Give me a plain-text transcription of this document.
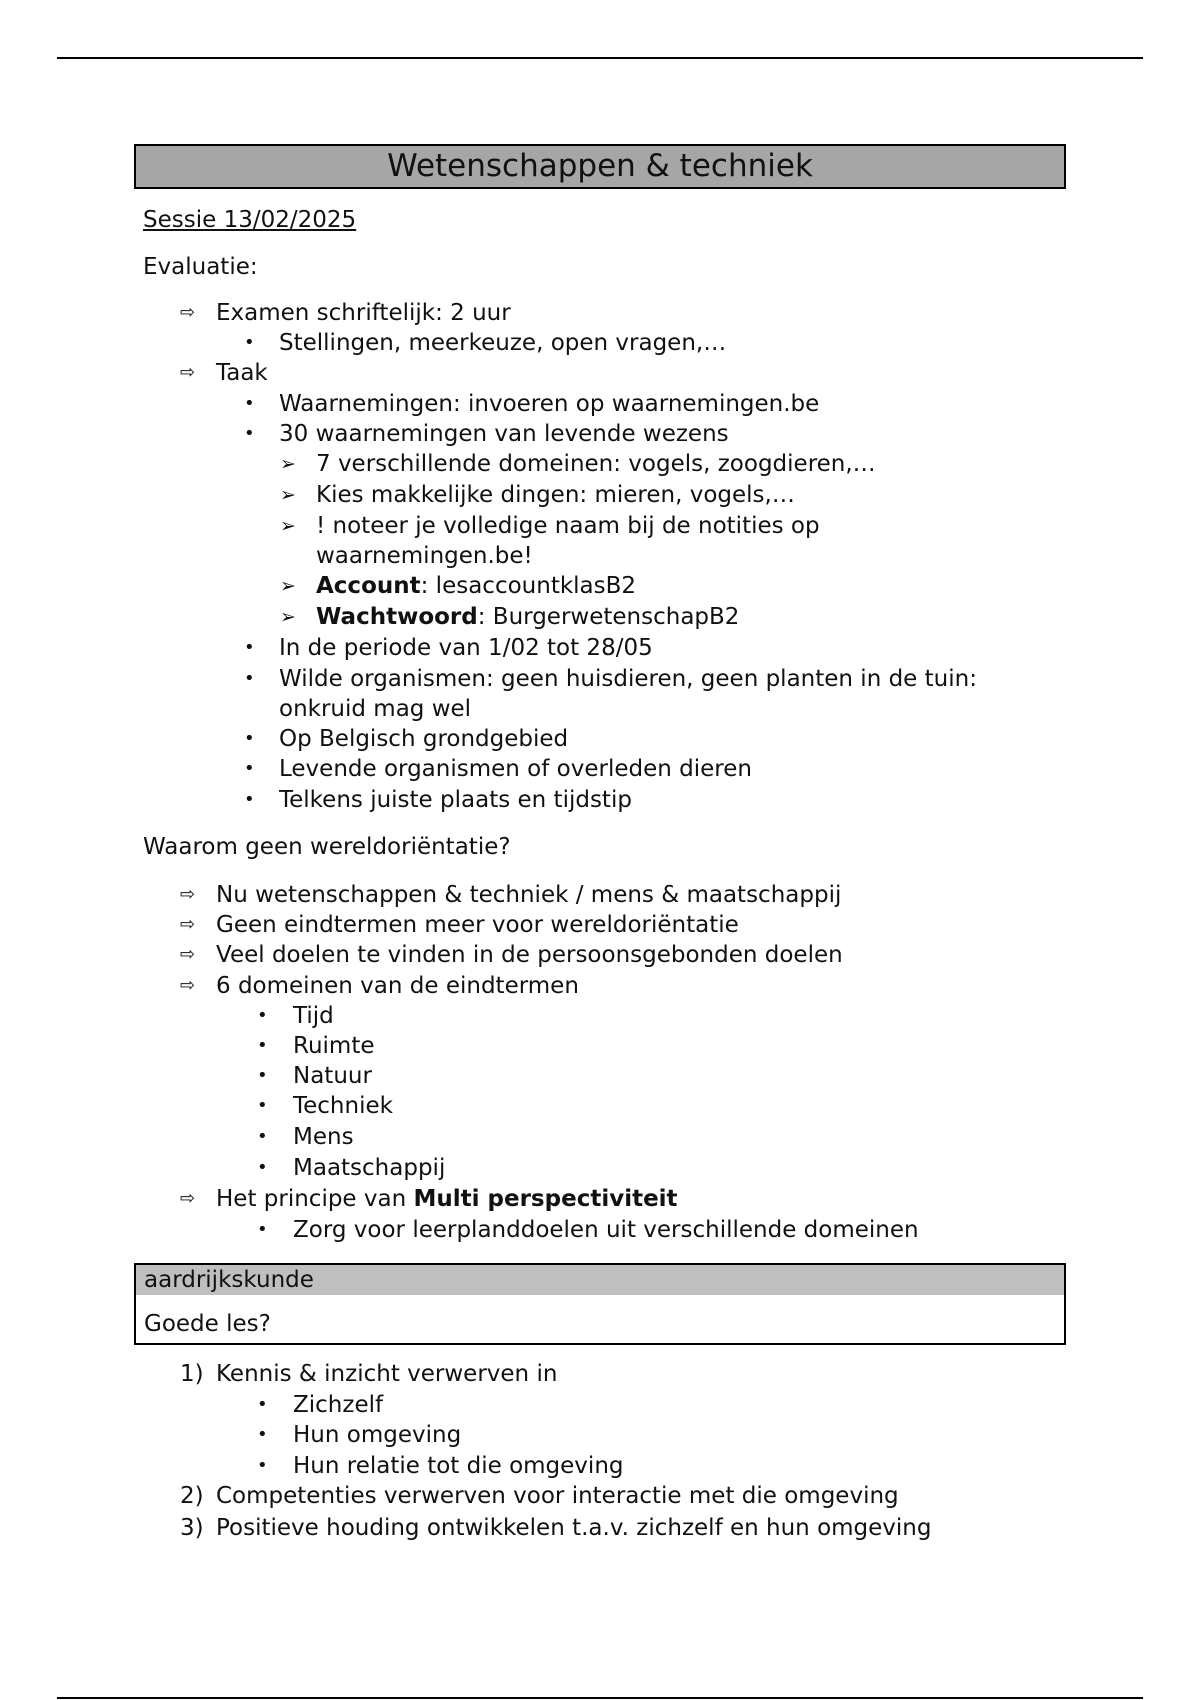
Wetenschappen & techniek
Sessie 13/02/2025
Evaluatie:
⇨ Examen schriftelijk: 2 uur
• Stellingen, meerkeuze, open vragen,…
⇨ Taak
• Waarnemingen: invoeren op waarnemingen.be
• 30 waarnemingen van levende wezens
➢ 7 verschillende domeinen: vogels, zoogdieren,…
➢ Kies makkelijke dingen: mieren, vogels,…
➢ ! noteer je volledige naam bij de notities op
waarnemingen.be!
➢ Account: lesaccountklasB2
➢ Wachtwoord: BurgerwetenschapB2
• In de periode van 1/02 tot 28/05
• Wilde organismen: geen huisdieren, geen planten in de tuin:
onkruid mag wel
• Op Belgisch grondgebied
• Levende organismen of overleden dieren
• Telkens juiste plaats en tijdstip
Waarom geen wereldoriëntatie?
⇨ Nu wetenschappen & techniek / mens & maatschappij
⇨ Geen eindtermen meer voor wereldoriëntatie
⇨ Veel doelen te vinden in de persoonsgebonden doelen
⇨ 6 domeinen van de eindtermen
• Tijd
• Ruimte
• Natuur
• Techniek
• Mens
• Maatschappij
⇨ Het principe van Multi perspectiviteit
• Zorg voor leerplanddoelen uit verschillende domeinen
aardrijkskunde
Goede les?
1) Kennis & inzicht verwerven in
• Zichzelf
• Hun omgeving
• Hun relatie tot die omgeving
2) Competenties verwerven voor interactie met die omgeving
3) Positieve houding ontwikkelen t.a.v. zichzelf en hun omgeving
